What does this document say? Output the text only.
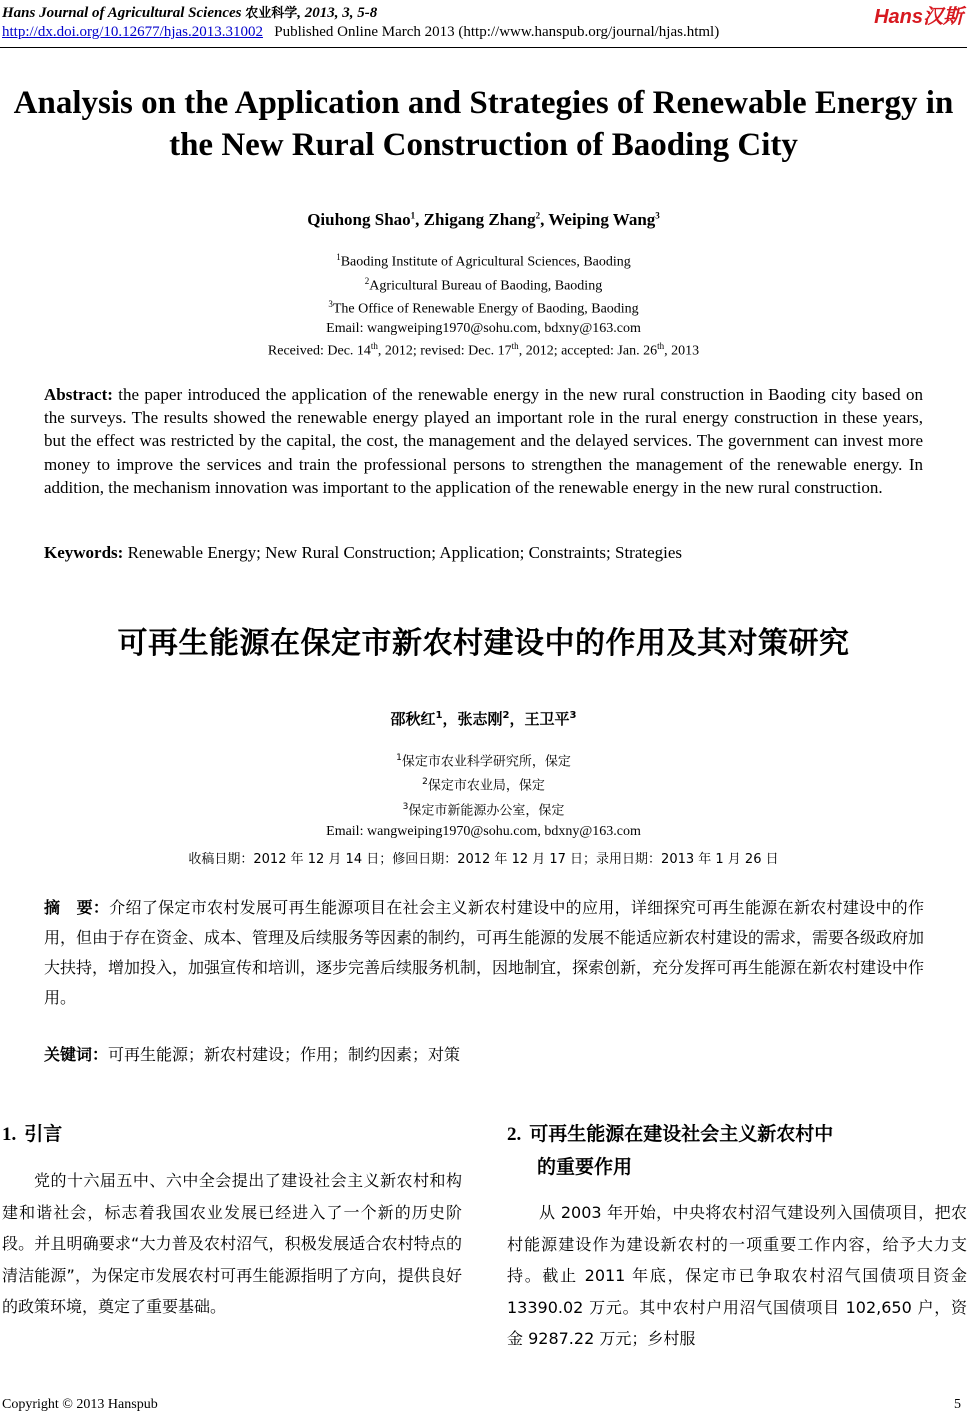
Hans Journal of Agricultural Sciences 农业科学, 2013, 3, 5-8	Hans汉斯
http://dx.doi.org/10.12677/hjas.2013.31002 Published Online March 2013 (http://www.hanspub.org/journal/hjas.html)
Analysis on the Application and Strategies of Renewable Energy in the New Rural Construction of Baoding City
Qiuhong Shao$^1$, Zhigang Zhang$^2$, Weiping Wang$^3$
$^1$Baoding Institute of Agricultural Sciences, Baoding
$^2$Agricultural Bureau of Baoding, Baoding
$^3$The Office of Renewable Energy of Baoding, Baoding
Email: wangweiping1970@sohu.com, bdxny@163.com
Received: Dec. 14th, 2012; revised: Dec. 17th, 2012; accepted: Jan. 26th, 2013
Abstract: the paper introduced the application of the renewable energy in the new rural construction in Baoding city based on the surveys. The results showed the renewable energy played an important role in the rural energy construction in these years, but the effect was restricted by the capital, the cost, the management and the delayed services. The government can invest more money to improve the services and train the professional persons to strengthen the management of the renewable energy. In addition, the mechanism innovation was important to the application of the renewable energy in the new rural construction.
Keywords: Renewable Energy; New Rural Construction; Application; Constraints; Strategies
可再生能源在保定市新农村建设中的作用及其对策研究
邵秋红$^1$，张志刚$^2$，王卫平$^3$
$^1$保定市农业科学研究所，保定
$^2$保定市农业局，保定
$^3$保定市新能源办公室，保定
Email: wangweiping1970@sohu.com, bdxny@163.com
收稿日期：2012 年 12 月 14 日；修回日期：2012 年 12 月 17 日；录用日期：2013 年 1 月 26 日
摘　要：介绍了保定市农村发展可再生能源项目在社会主义新农村建设中的应用，详细探究可再生能源在新农村建设中的作用，但由于存在资金、成本、管理及后续服务等因素的制约，可再生能源的发展不能适应新农村建设的需求，需要各级政府加大扶持，增加投入，加强宣传和培训，逐步完善后续服务机制，因地制宜，探索创新，充分发挥可再生能源在新农村建设中作用。
关键词：可再生能源；新农村建设；作用；制约因素；对策
1. 引言
党的十六届五中、六中全会提出了建设社会主义新农村和构建和谐社会，标志着我国农业发展已经进入了一个新的历史阶段。并且明确要求“大力普及农村沼气，积极发展适合农村特点的清洁能源”，为保定市发展农村可再生能源指明了方向，提供良好的政策环境，奠定了重要基础。
2. 可再生能源在建设社会主义新农村中
的重要作用
从 2003 年开始，中央将农村沼气建设列入国债项目，把农村能源建设作为建设新农村的一项重要工作内容，给予大力支持。截止 2011 年底，保定市已争取农村沼气国债项目资金 13390.02 万元。其中农村户用沼气国债项目 102,650 户，资金 9287.22 万元；乡村服
Copyright © 2013 Hanspub	5
